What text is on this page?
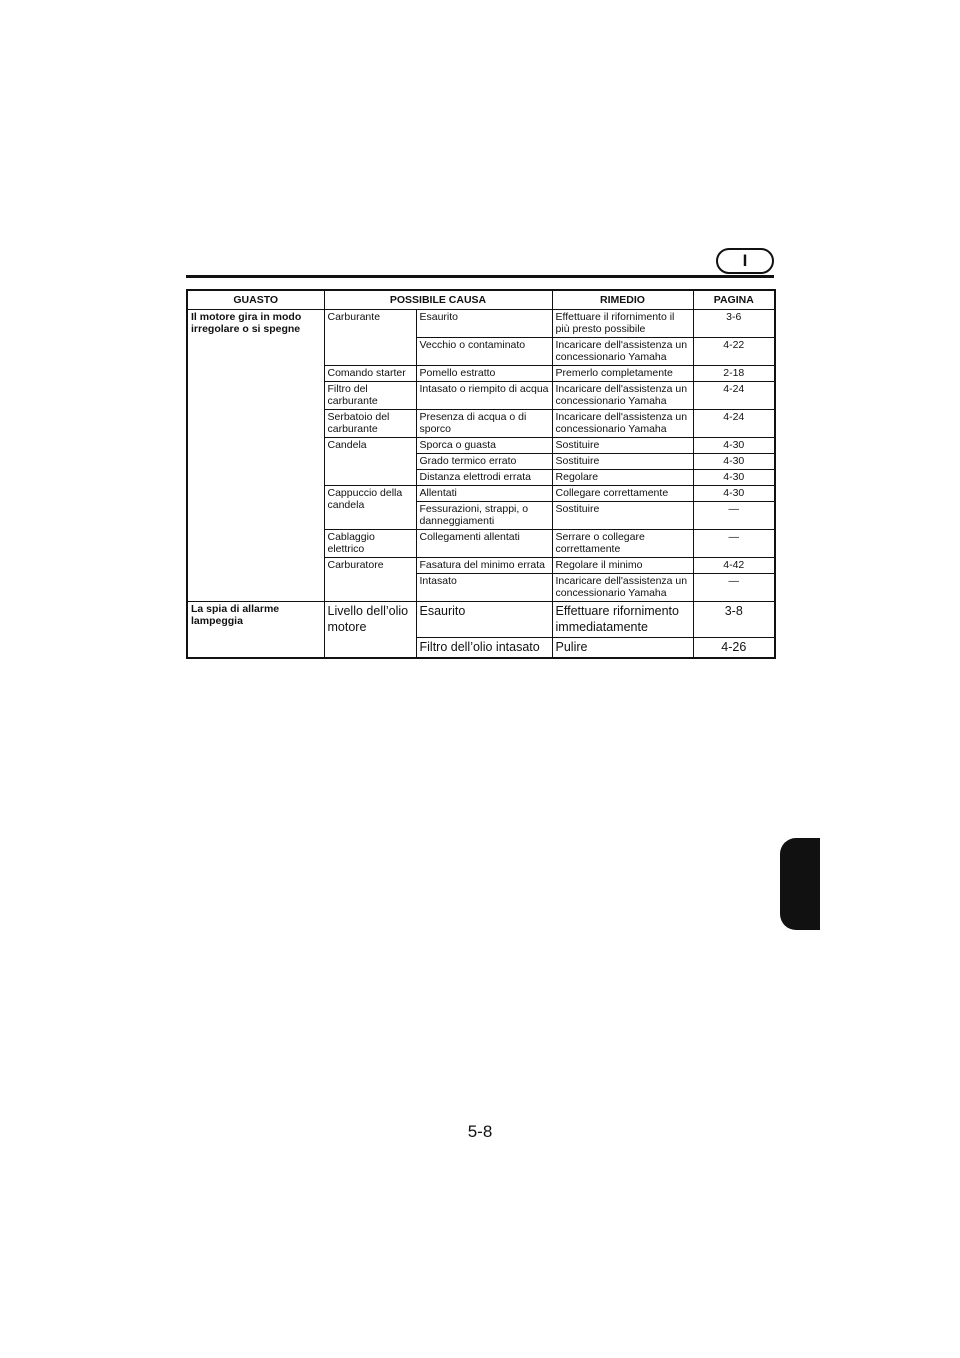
I
GUASTO	POSSIBILE CAUSA		RIMEDIO	PAGINA
Il motore gira in modo irregolare o si spegne	Carburante	Esaurito	Effettuare il rifornimento il più presto possibile	3-6
		Vecchio o contaminato	Incaricare dell'assistenza un concessionario Yamaha	4-22
	Comando starter	Pomello estratto	Premerlo completamente	2-18
	Filtro del carburante	Intasato o riempito di acqua	Incaricare dell'assistenza un concessionario Yamaha	4-24
	Serbatoio del carburante	Presenza di acqua o di sporco	Incaricare dell'assistenza un concessionario Yamaha	4-24
	Candela	Sporca o guasta	Sostituire	4-30
		Grado termico errato	Sostituire	4-30
		Distanza elettrodi errata	Regolare	4-30
	Cappuccio della candela	Allentati	Collegare correttamente	4-30
		Fessurazioni, strappi, o danneggiamenti	Sostituire	—
	Cablaggio elettrico	Collegamenti allentati	Serrare o collegare correttamente	—
	Carburatore	Fasatura del minimo errata	Regolare il minimo	4-42
		Intasato	Incaricare dell'assistenza un concessionario Yamaha	—

La spia di allarme lampeggia	Livello dell’olio motore	Esaurito	Effettuare rifornimento immediatamente	3-8
		Filtro dell’olio intasato	Pulire	4-26
5-8
